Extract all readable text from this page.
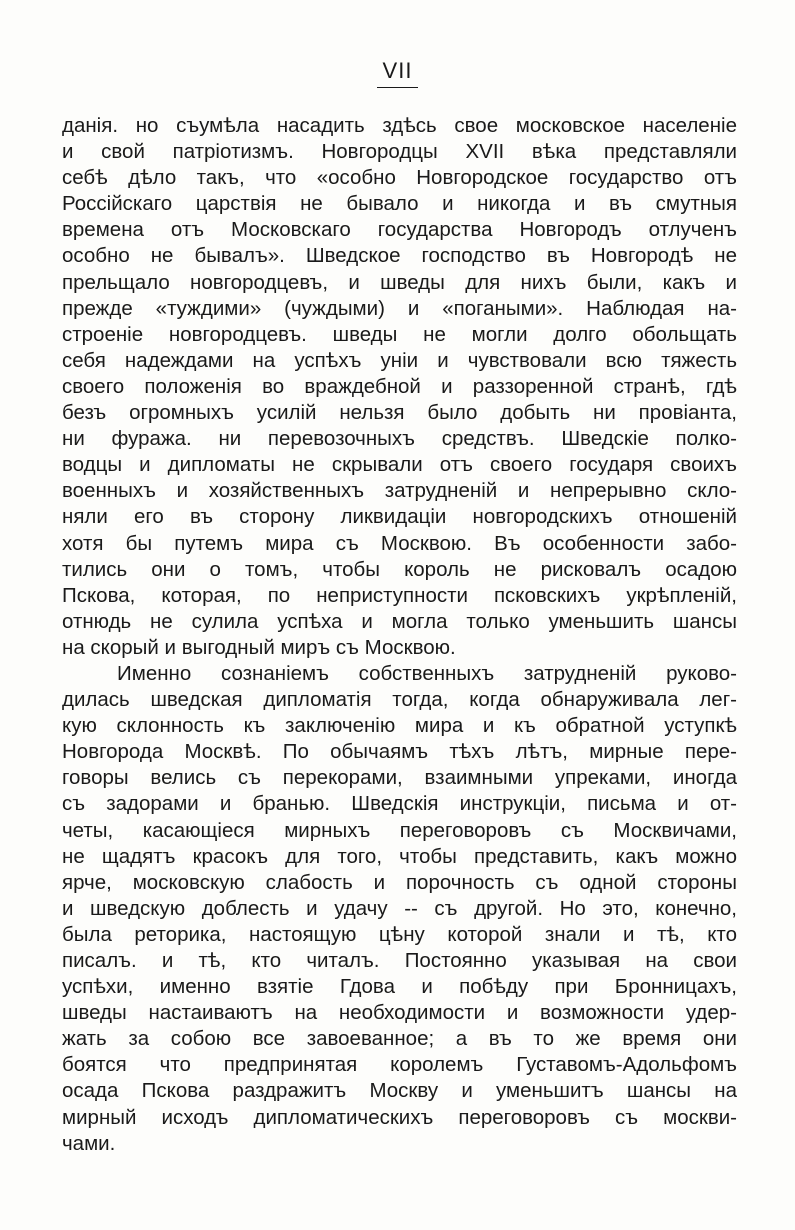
VII
данія. но съумѣла насадить здѣсь свое московское населеніе
и свой патріотизмъ. Новгородцы XVII вѣка представляли
себѣ дѣло такъ, что «особно Новгородское государство отъ
Россійскаго царствія не бывало и никогда и въ смутныя
времена отъ Московскаго государства Новгородъ отлученъ
особно не бывалъ». Шведское господство въ Новгородѣ не
прельщало новгородцевъ, и шведы для нихъ были, какъ и
прежде «туждими» (чуждыми) и «погаными». Наблюдая на-
строеніе новгородцевъ. шведы не могли долго обольщать
себя надеждами на успѣхъ уніи и чувствовали всю тяжесть
своего положенія во враждебной и раззоренной странѣ, гдѣ
безъ огромныхъ усилій нельзя было добыть ни провіанта,
ни фуража. ни перевозочныхъ средствъ. Шведскіе полко-
водцы и дипломаты не скрывали отъ своего государя своихъ
военныхъ и хозяйственныхъ затрудненій и непрерывно скло-
няли его въ сторону ликвидаціи новгородскихъ отношеній
хотя бы путемъ мира съ Москвою. Въ особенности забо-
тились они о томъ, чтобы король не рисковалъ осадою
Пскова, которая, по неприступности псковскихъ укрѣпленій,
отнюдь не сулила успѣха и могла только уменьшить шансы
на скорый и выгодный миръ съ Москвою.
Именно сознаніемъ собственныхъ затрудненій руково-
дилась шведская дипломатія тогда, когда обнаруживала лег-
кую склонность къ заключенію мира и къ обратной уступкѣ
Новгорода Москвѣ. По обычаямъ тѣхъ лѣтъ, мирные пере-
говоры велись съ перекорами, взаимными упреками, иногда
съ задорами и бранью. Шведскія инструкціи, письма и от-
четы, касающіеся мирныхъ переговоровъ съ Москвичами,
не щадятъ красокъ для того, чтобы представить, какъ можно
ярче, московскую слабость и порочность съ одной стороны
и шведскую доблесть и удачу -- съ другой. Но это, конечно,
была реторика, настоящую цѣну которой знали и тѣ, кто
писалъ. и тѣ, кто читалъ. Постоянно указывая на свои
успѣхи, именно взятіе Гдова и побѣду при Бронницахъ,
шведы настаиваютъ на необходимости и возможности удер-
жать за собою все завоеванное; а въ то же время они
боятся что предпринятая королемъ Густавомъ-Адольфомъ
осада Пскова раздражитъ Москву и уменьшитъ шансы на
мирный исходъ дипломатическихъ переговоровъ съ москви-
чами.
